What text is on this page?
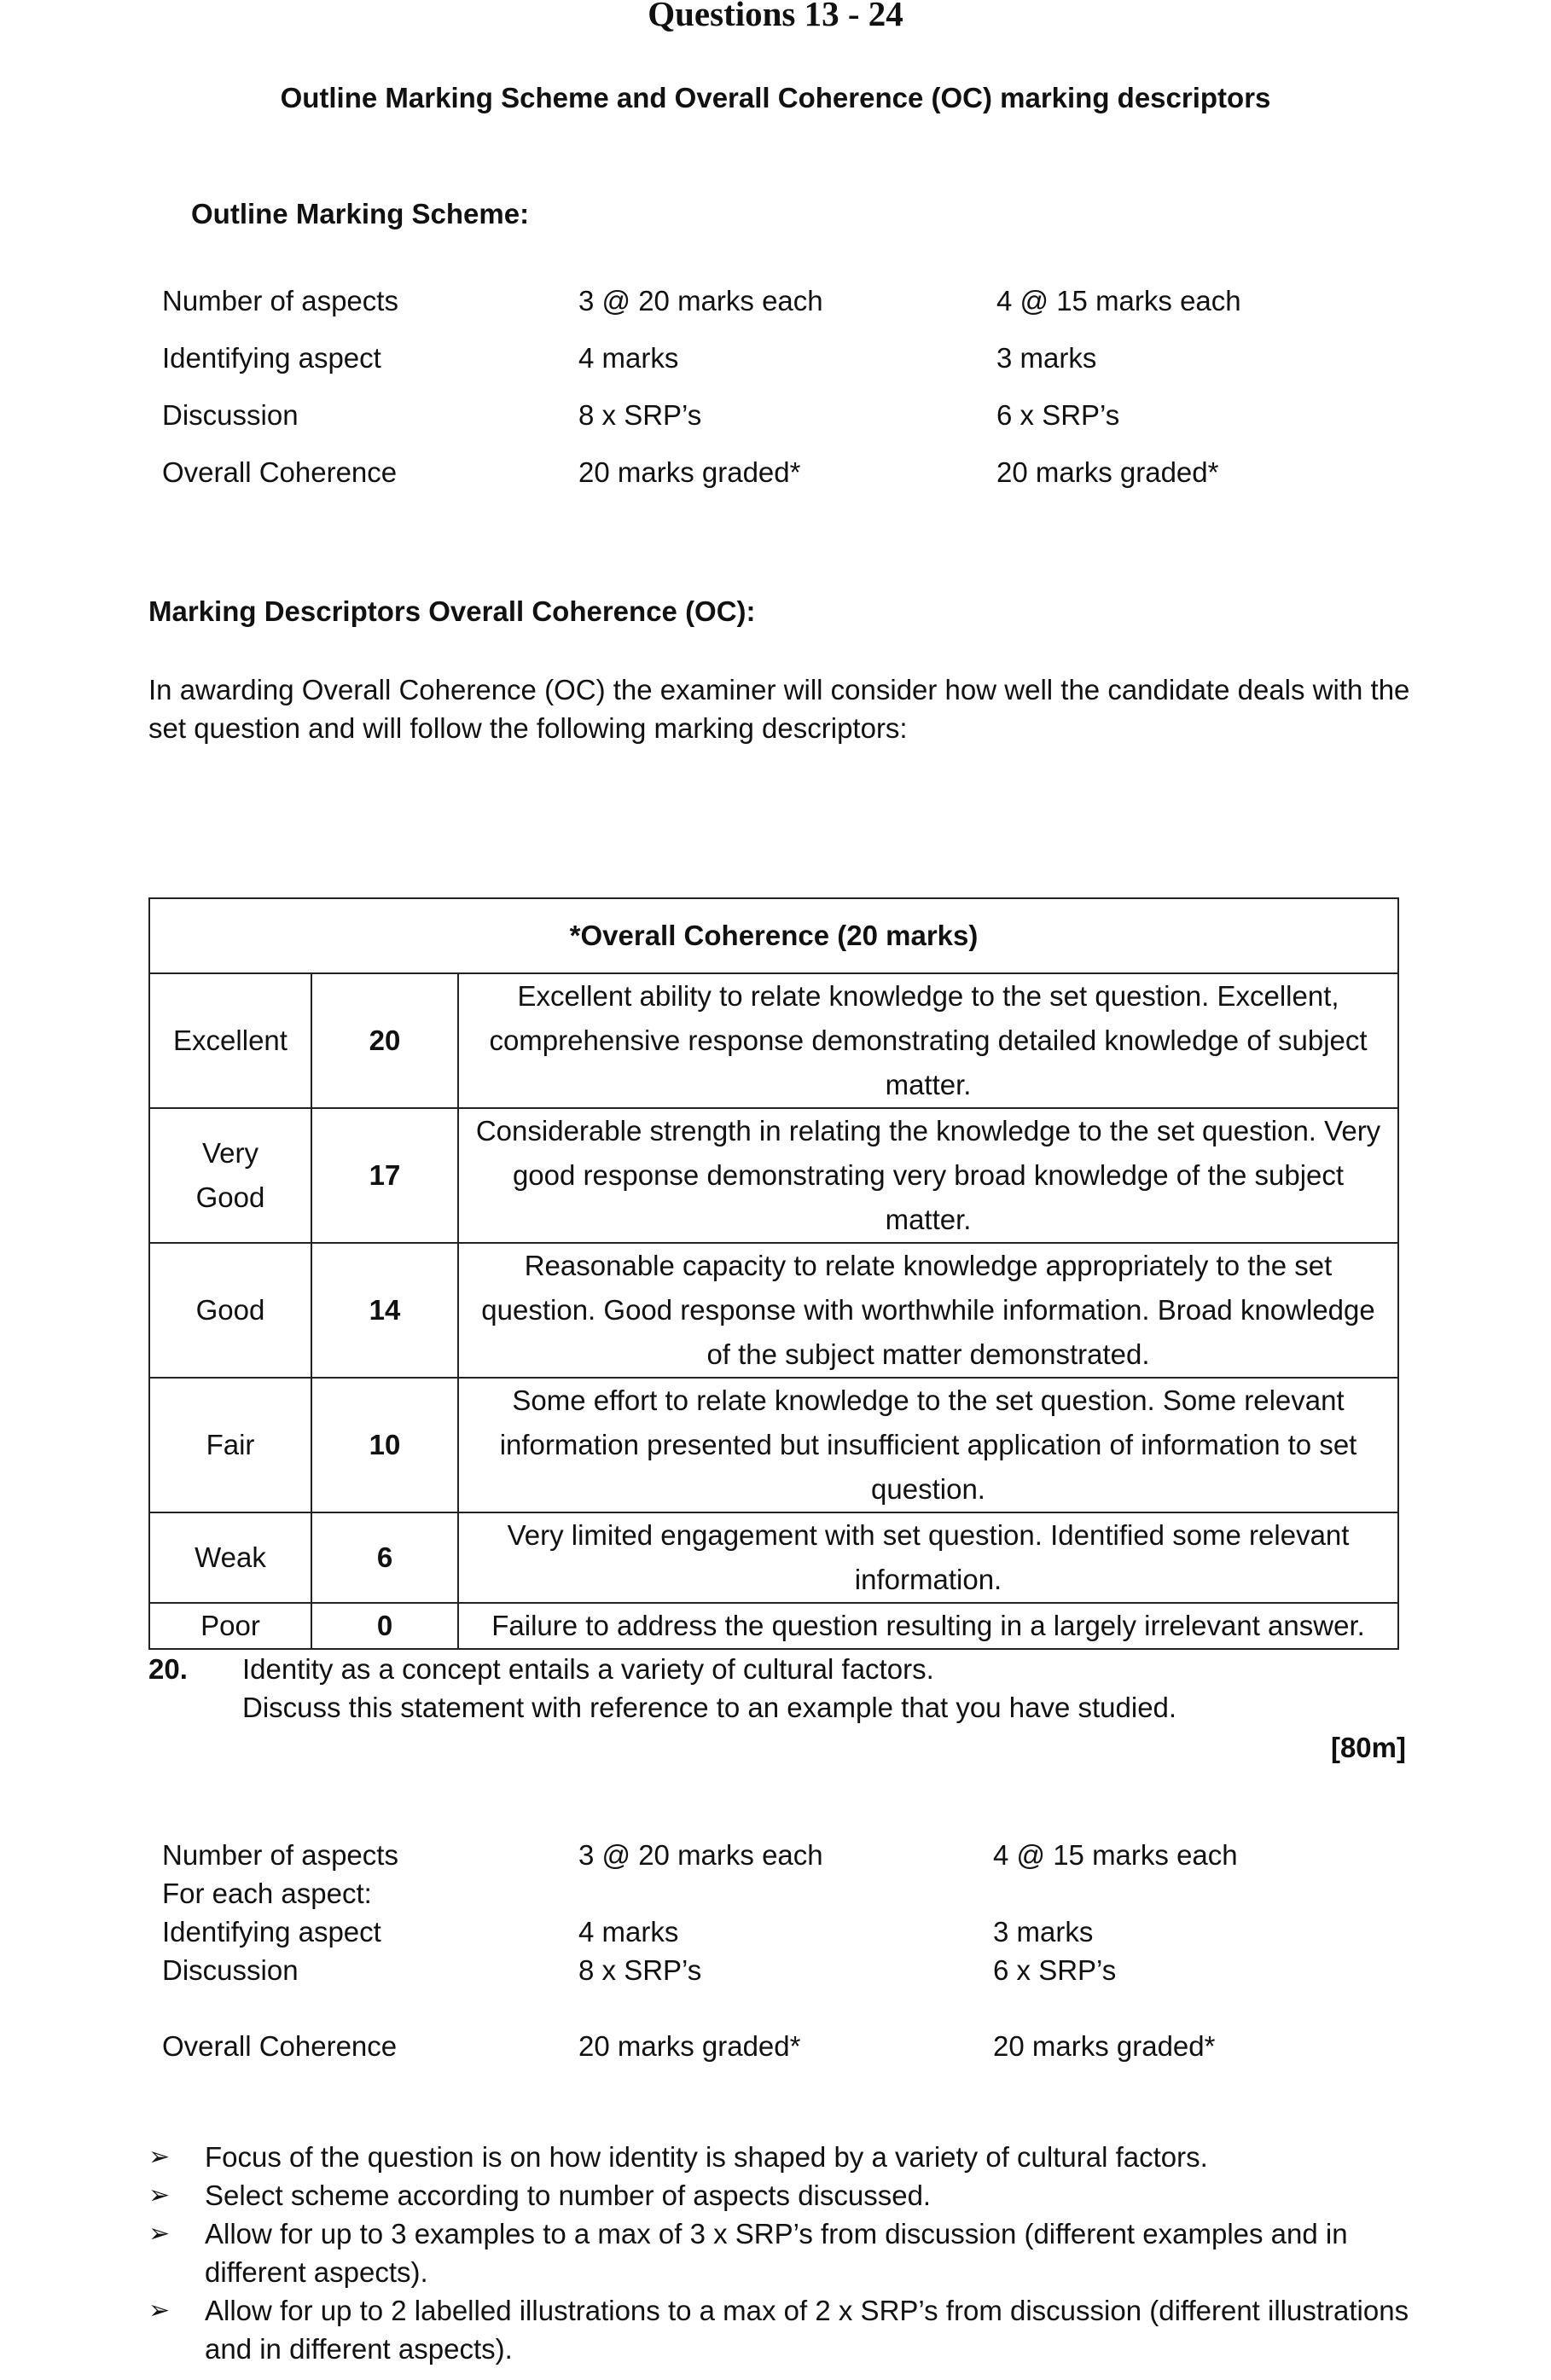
Questions 13 - 24
Outline Marking Scheme and Overall Coherence (OC) marking descriptors
Outline Marking Scheme:
Number of aspects	3 @ 20 marks each	4 @ 15 marks each
Identifying aspect	4 marks	3 marks
Discussion	8 x SRP’s	6 x SRP’s
Overall Coherence	20 marks graded*	20 marks graded*
Marking Descriptors Overall Coherence (OC):
In awarding Overall Coherence (OC) the examiner will consider how well the candidate deals with the set question and will follow the following marking descriptors:
*Overall Coherence (20 marks)		
Excellent	20	Excellent ability to relate knowledge to the set question. Excellent, comprehensive response demonstrating detailed knowledge of subject matter.
Very Good	17	Considerable strength in relating the knowledge to the set question. Very good response demonstrating very broad knowledge of the subject matter.
Good	14	Reasonable capacity to relate knowledge appropriately to the set question. Good response with worthwhile information. Broad knowledge of the subject matter demonstrated.
Fair	10	Some effort to relate knowledge to the set question. Some relevant information presented but insufficient application of information to set question.
Weak	6	Very limited engagement with set question. Identified some relevant information.
Poor	0	Failure to address the question resulting in a largely irrelevant answer.
20. Identity as a concept entails a variety of cultural factors.
Discuss this statement with reference to an example that you have studied.
[80m]
Number of aspects	3 @ 20 marks each	4 @ 15 marks each
For each aspect:
Identifying aspect	4 marks	3 marks
Discussion	8 x SRP’s	6 x SRP’s
Overall Coherence	20 marks graded*	20 marks graded*
➢ Focus of the question is on how identity is shaped by a variety of cultural factors.
➢ Select scheme according to number of aspects discussed.
➢ Allow for up to 3 examples to a max of 3 x SRP’s from discussion (different examples and in different aspects).
➢ Allow for up to 2 labelled illustrations to a max of 2 x SRP’s from discussion (different illustrations and in different aspects).
